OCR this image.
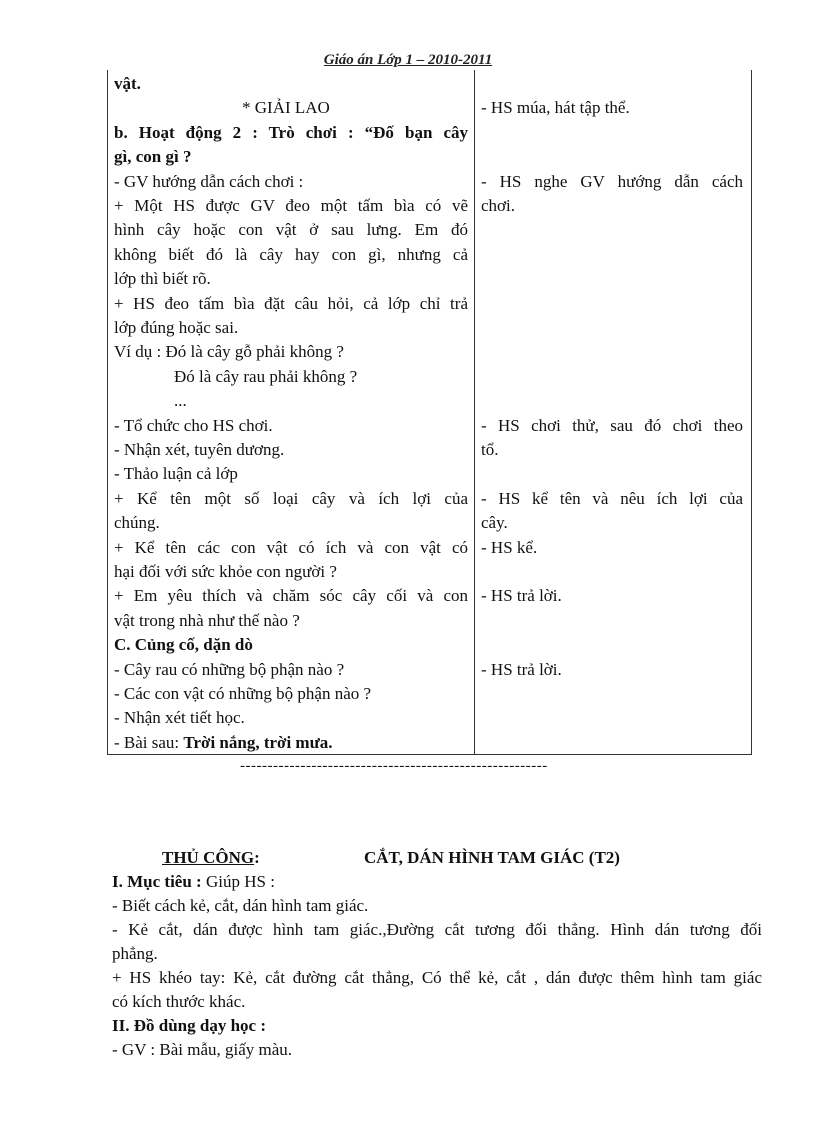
Giáo án Lớp 1 – 2010-2011
vật.
* GIẢI LAO
b. Hoạt động 2 : Trò chơi : “Đố bạn cây
gì, con gì ?
- GV hướng dẫn cách chơi :
+ Một HS được GV đeo một tấm bìa có vẽ
hình cây hoặc con vật ở sau lưng. Em đó
không biết đó là cây hay con gì, nhưng cả
lớp thì biết rõ.
+ HS đeo tấm bìa đặt câu hỏi, cả lớp chỉ trả
lớp đúng hoặc sai.
Ví dụ : Đó là cây gỗ phải không ?
Đó là cây rau phải không ?
...
- Tổ chức cho HS chơi.
- Nhận xét, tuyên dương.
- Thảo luận cả lớp
+ Kể tên một số loại cây và ích lợi của
chúng.
+ Kể tên các con vật có ích và con vật có
hại đối với sức khỏe con người ?
+ Em yêu thích và chăm sóc cây cối và con
vật trong nhà như thế nào ?
C. Củng cố, dặn dò
- Cây rau có những bộ phận nào ?
- Các con vật có những bộ phận nào ?
- Nhận xét tiết học.
- Bài sau: Trời nắng, trời mưa.
- HS múa, hát tập thể.
- HS nghe GV hướng dẫn cách
chơi.
- HS chơi thử, sau đó chơi theo
tổ.
- HS kể tên và nêu ích lợi của
cây.
- HS kể.
- HS trả lời.
- HS trả lời.
--------------------------------------------------------
THỦ CÔNG:	CẮT, DÁN HÌNH TAM GIÁC (T2)
I. Mục tiêu : Giúp HS :
- Biết cách kẻ, cắt, dán hình tam giác.
- Kẻ cắt, dán được hình tam giác.,Đường cắt tương đối thẳng. Hình dán tương đối
phẳng.
+ HS khéo tay: Kẻ, cắt đường cắt thẳng, Có thể kẻ, cắt , dán được thêm hình tam giác
có kích thước khác.
II. Đồ dùng dạy học :
- GV : Bài mẫu, giấy màu.
